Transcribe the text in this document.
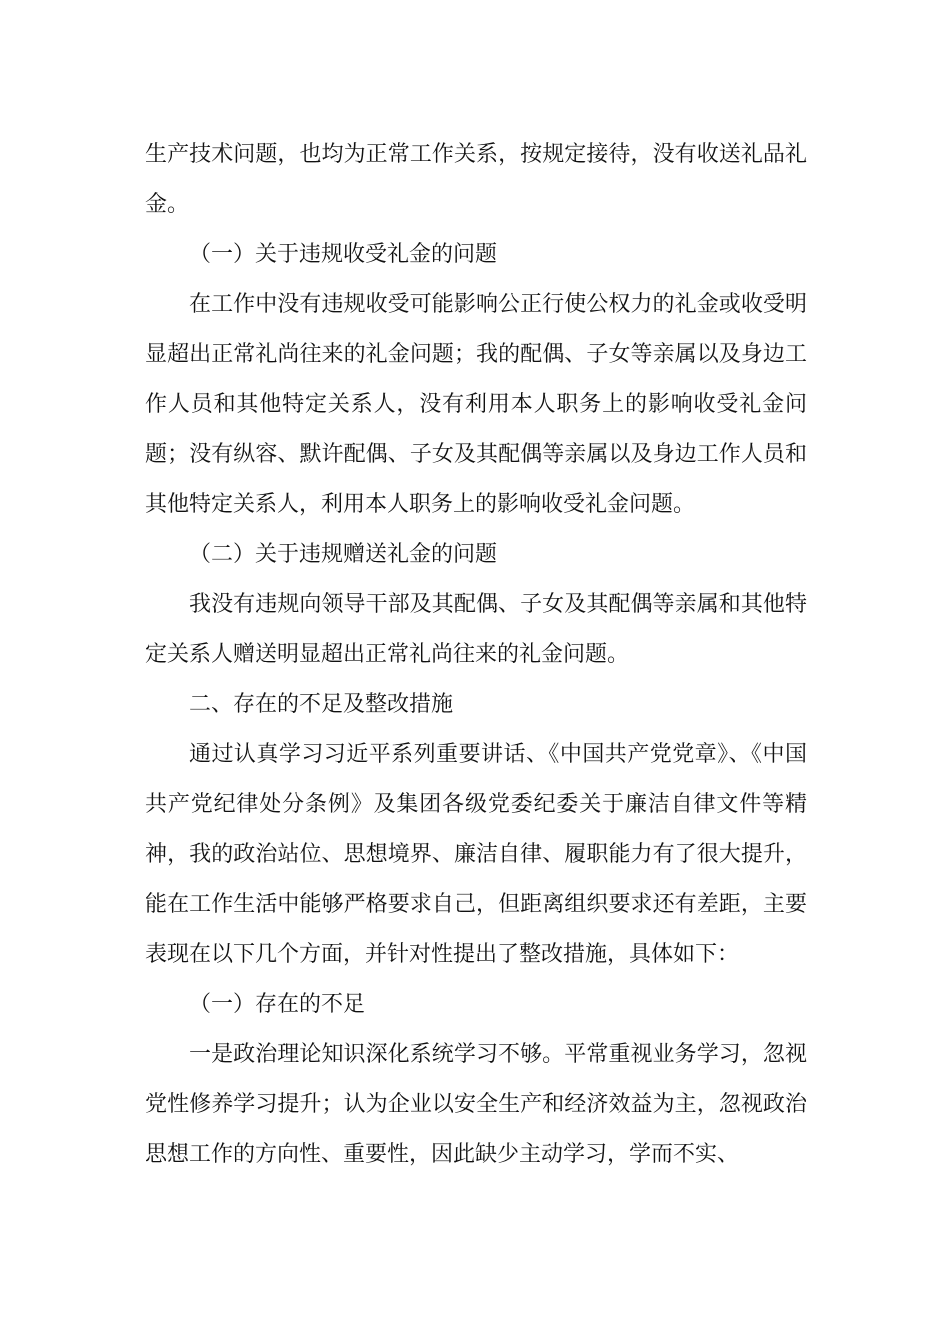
生产技术问题，也均为正常工作关系，按规定接待，没有收送礼品礼金。

（一）关于违规收受礼金的问题

在工作中没有违规收受可能影响公正行使公权力的礼金或收受明显超出正常礼尚往来的礼金问题；我的配偶、子女等亲属以及身边工作人员和其他特定关系人，没有利用本人职务上的影响收受礼金问题；没有纵容、默许配偶、子女及其配偶等亲属以及身边工作人员和其他特定关系人，利用本人职务上的影响收受礼金问题。

（二）关于违规赠送礼金的问题

我没有违规向领导干部及其配偶、子女及其配偶等亲属和其他特定关系人赠送明显超出正常礼尚往来的礼金问题。

二、存在的不足及整改措施

通过认真学习习近平系列重要讲话、《中国共产党党章》、《中国共产党纪律处分条例》及集团各级党委纪委关于廉洁自律文件等精神，我的政治站位、思想境界、廉洁自律、履职能力有了很大提升，能在工作生活中能够严格要求自己，但距离组织要求还有差距，主要表现在以下几个方面，并针对性提出了整改措施，具体如下：

（一）存在的不足

一是政治理论知识深化系统学习不够。平常重视业务学习，忽视党性修养学习提升；认为企业以安全生产和经济效益为主，忽视政治思想工作的方向性、重要性，因此缺少主动学习，学而不实、
